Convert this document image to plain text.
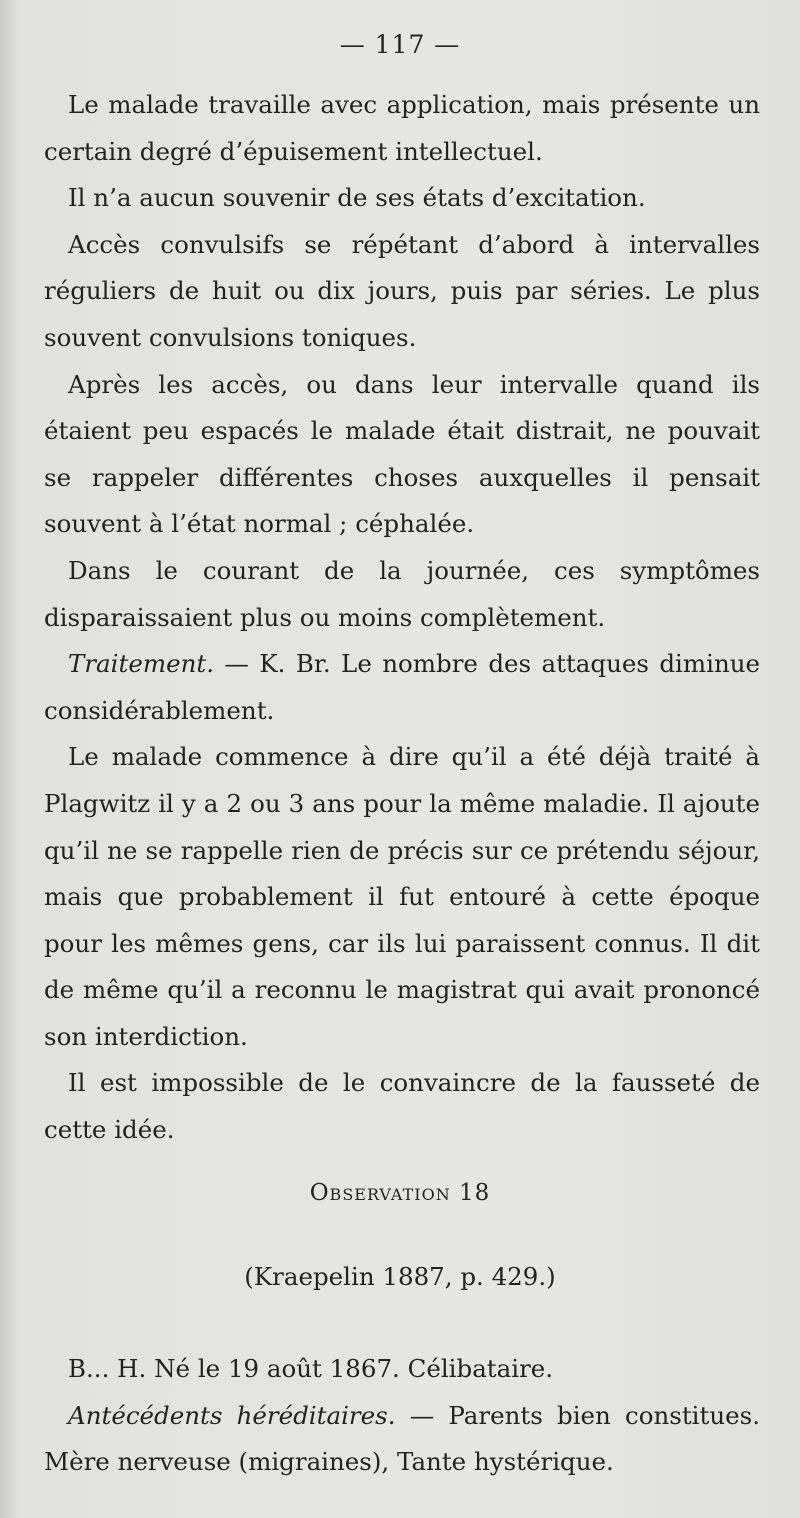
— 117 —

Le malade travaille avec application, mais présente un certain degré d’épuisement intellectuel.

Il n’a aucun souvenir de ses états d’excitation.

Accès convulsifs se répétant d’abord à intervalles réguliers de huit ou dix jours, puis par séries. Le plus souvent convulsions toniques.

Après les accès, ou dans leur intervalle quand ils étaient peu espacés le malade était distrait, ne pouvait se rappeler différentes choses auxquelles il pensait souvent à l’état normal ; céphalée.

Dans le courant de la journée, ces symptômes disparaissaient plus ou moins complètement.

Traitement. — K. Br. Le nombre des attaques diminue considérablement.

Le malade commence à dire qu’il a été déjà traité à Plagwitz il y a 2 ou 3 ans pour la même maladie. Il ajoute qu’il ne se rappelle rien de précis sur ce prétendu séjour, mais que probablement il fut entouré à cette époque pour les mêmes gens, car ils lui paraissent connus. Il dit de même qu’il a reconnu le magistrat qui avait prononcé son interdiction.

Il est impossible de le convaincre de la fausseté de cette idée.

Observation 18
(Kraepelin 1887, p. 429.)

B... H. Né le 19 août 1867. Célibataire.

Antécédents héréditaires. — Parents bien constitues. Mère nerveuse (migraines), Tante hystérique.
